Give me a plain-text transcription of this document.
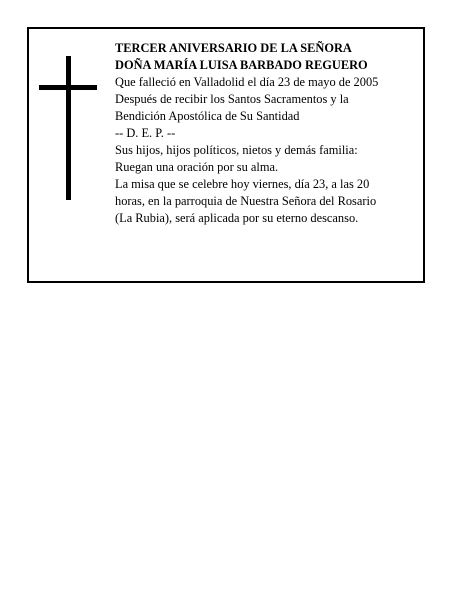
TERCER ANIVERSARIO DE LA SEÑORA
DOÑA MARÍA LUISA BARBADO REGUERO
Que falleció en Valladolid el día 23 de mayo de 2005
Después de recibir los Santos Sacramentos y la
Bendición Apostólica de Su Santidad
-- D. E. P. --
Sus hijos, hijos políticos, nietos y demás familia:
Ruegan una oración por su alma.
La misa que se celebre hoy viernes, día 23, a las 20
horas, en la parroquia de Nuestra Señora del Rosario
(La Rubia), será aplicada por su eterno descanso.
